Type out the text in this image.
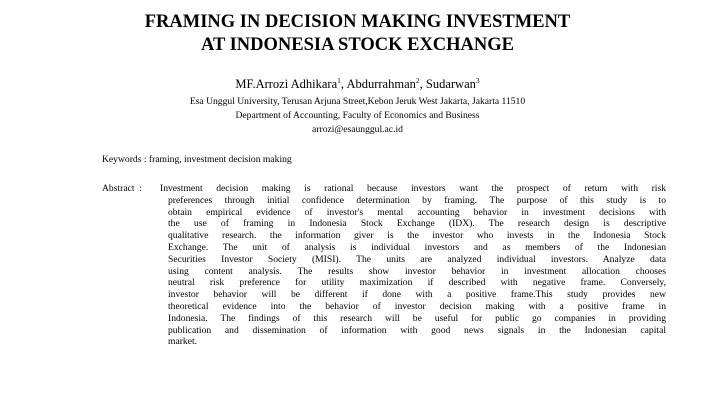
FRAMING IN DECISION MAKING INVESTMENT
AT INDONESIA STOCK EXCHANGE
MF.Arrozi Adhikara$^1$, Abdurrahman$^2$, Sudarwan$^3$
Esa Unggul University, Terusan Arjuna Street,Kebon Jeruk West Jakarta, Jakarta 11510
Department of Accounting, Faculty of Economics and Business
arrozi@esaunggul.ac.id
Keywords : framing, investment decision making
Abstract  : Investment decision making is rational because investors want the prospect of return with risk
preferences through initial confidence determination by framing. The purpose of this study is to
obtain empirical evidence of investor's mental accounting behavior in investment decisions with
the use of framing in Indonesia Stock Exchange (IDX). The research design is descriptive
qualitative research. the information giver is the investor who invests in the Indonesia Stock
Exchange. The unit of analysis is individual investors and as members of the Indonesian
Securities Investor Society (MISI). The units are analyzed individual investors. Analyze data
using content analysis. The results show investor behavior in investment allocation chooses
neutral risk preference for utility maximization if described with negative frame. Conversely,
investor behavior will be different if done with a positive frame.This study provides new
theoretical evidence into the behavior of investor decision making with a positive frame in
Indonesia. The findings of this research will be useful for public go companies in providing
publication and dissemination of information with good news signals in the Indonesian capital
market.
